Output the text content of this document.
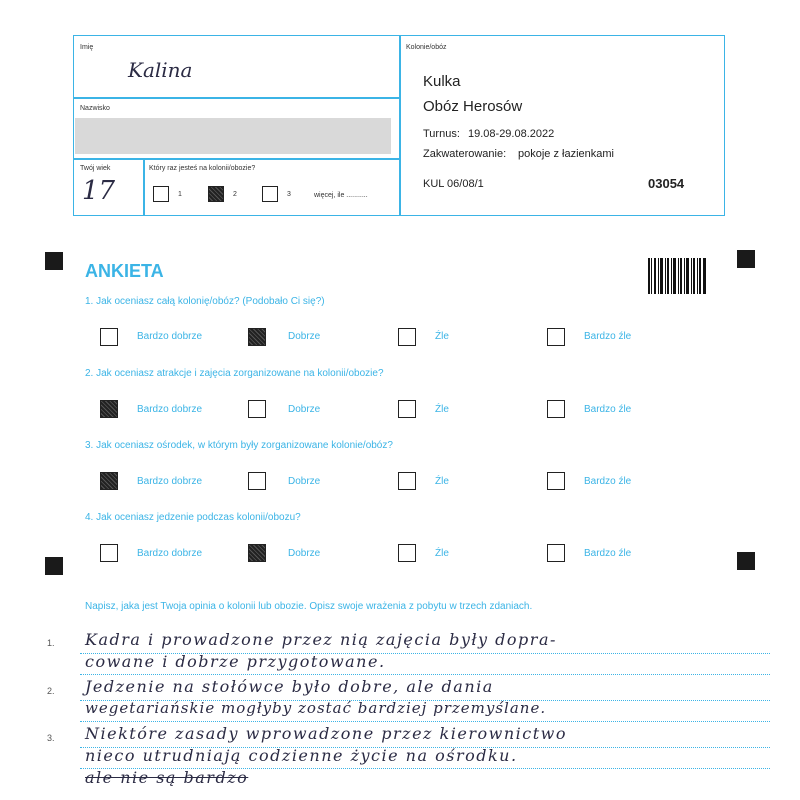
Imię
Kalina
Nazwisko
Twój wiek
17
Który raz jesteś na kolonii/obozie?
1	2	3	więcej, ile ...........
Kolonie/obóz
Kulka
Obóz Herosów
Turnus: 19.08-29.08.2022
Zakwaterowanie: pokoje z łazienkami
KUL 06/08/1	03054
ANKIETA
1. Jak oceniasz całą kolonię/obóz? (Podobało Ci się?)
Bardzo dobrze	Dobrze	Źle	Bardzo źle
2. Jak oceniasz atrakcje i zajęcia zorganizowane na kolonii/obozie?
Bardzo dobrze	Dobrze	Źle	Bardzo źle
3. Jak oceniasz ośrodek, w którym były zorganizowane kolonie/obóz?
Bardzo dobrze	Dobrze	Źle	Bardzo źle
4. Jak oceniasz jedzenie podczas kolonii/obozu?
Bardzo dobrze	Dobrze	Źle	Bardzo źle
Napisz, jaka jest Twoja opinia o kolonii lub obozie. Opisz swoje wrażenia z pobytu w trzech zdaniach.
1.
2.
3.
Kadra i prowadzone przez nią zajęcia były dopra-
cowane i dobrze przygotowane.
Jedzenie na stołówce było dobre, ale dania
wegetariańskie mogłyby zostać bardziej przemyślane.
Niektóre zasady wprowadzone przez kierownictwo
nieco utrudniają codzienne życie na ośrodku.
ale nie są bardzo
